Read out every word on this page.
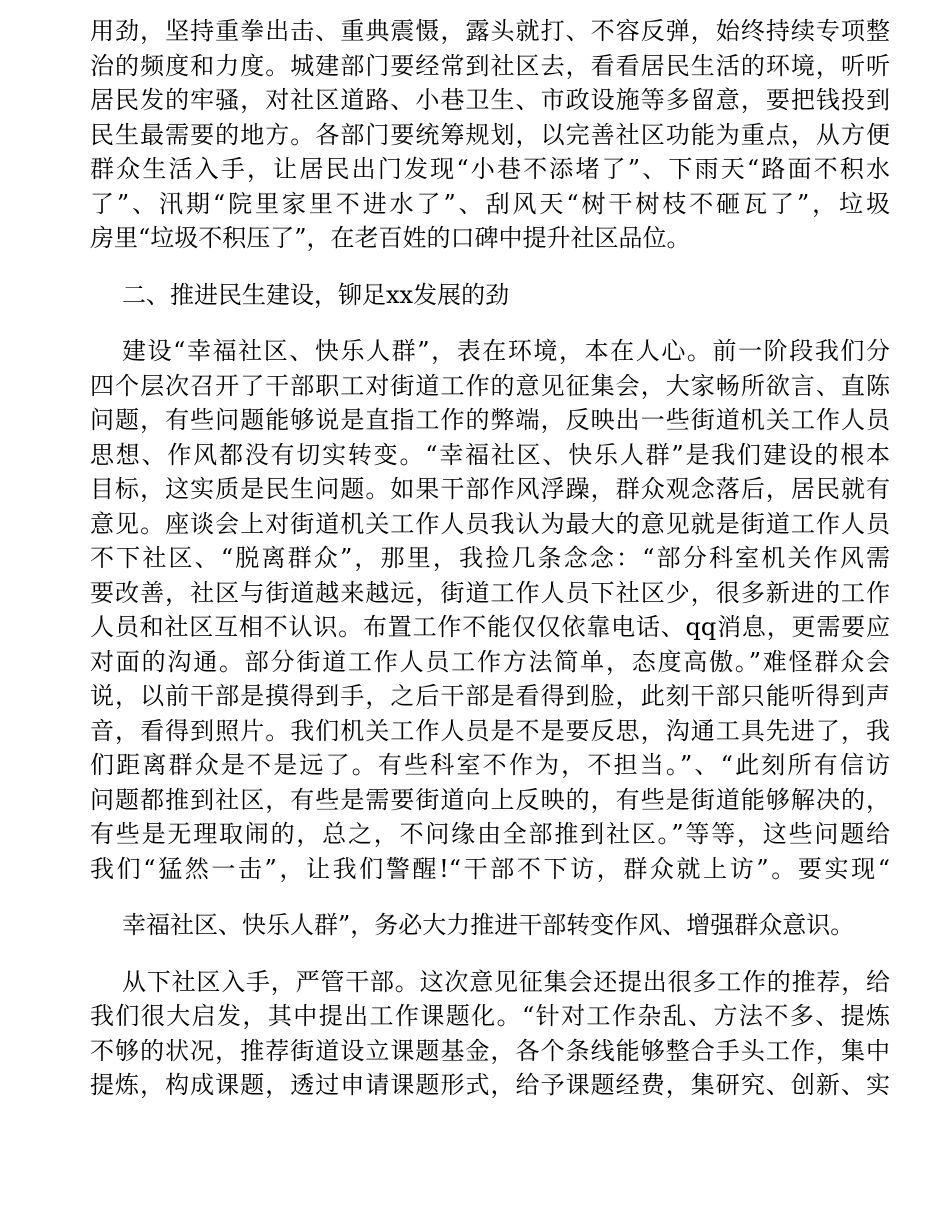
用劲，坚持重拳出击、重典震慑，露头就打、不容反弹，始终持续专项整
治的频度和力度。城建部门要经常到社区去，看看居民生活的环境，听听
居民发的牢骚，对社区道路、小巷卫生、市政设施等多留意，要把钱投到
民生最需要的地方。各部门要统筹规划，以完善社区功能为重点，从方便
群众生活入手，让居民出门发现“小巷不添堵了”、下雨天“路面不积水
了”、汛期“院里家里不进水了”、刮风天“树干树枝不砸瓦了”，垃圾
房里“垃圾不积压了”，在老百姓的口碑中提升社区品位。
二、推进民生建设，铆足xx发展的劲
建设“幸福社区、快乐人群”，表在环境，本在人心。前一阶段我们分
四个层次召开了干部职工对街道工作的意见征集会，大家畅所欲言、直陈
问题，有些问题能够说是直指工作的弊端，反映出一些街道机关工作人员
思想、作风都没有切实转变。“幸福社区、快乐人群”是我们建设的根本
目标，这实质是民生问题。如果干部作风浮躁，群众观念落后，居民就有
意见。座谈会上对街道机关工作人员我认为最大的意见就是街道工作人员
不下社区、“脱离群众”，那里，我捡几条念念：“部分科室机关作风需
要改善，社区与街道越来越远，街道工作人员下社区少，很多新进的工作
人员和社区互相不认识。布置工作不能仅仅依靠电话、qq消息，更需要应
对面的沟通。部分街道工作人员工作方法简单，态度高傲。”难怪群众会
说，以前干部是摸得到手，之后干部是看得到脸，此刻干部只能听得到声
音，看得到照片。我们机关工作人员是不是要反思，沟通工具先进了，我
们距离群众是不是远了。有些科室不作为，不担当。”、“此刻所有信访
问题都推到社区，有些是需要街道向上反映的，有些是街道能够解决的，
有些是无理取闹的，总之，不问缘由全部推到社区。”等等，这些问题给
我们“猛然一击”，让我们警醒!“干部不下访，群众就上访”。要实现“
幸福社区、快乐人群”，务必大力推进干部转变作风、增强群众意识。
从下社区入手，严管干部。这次意见征集会还提出很多工作的推荐，给
我们很大启发，其中提出工作课题化。“针对工作杂乱、方法不多、提炼
不够的状况，推荐街道设立课题基金，各个条线能够整合手头工作，集中
提炼，构成课题，透过申请课题形式，给予课题经费，集研究、创新、实
